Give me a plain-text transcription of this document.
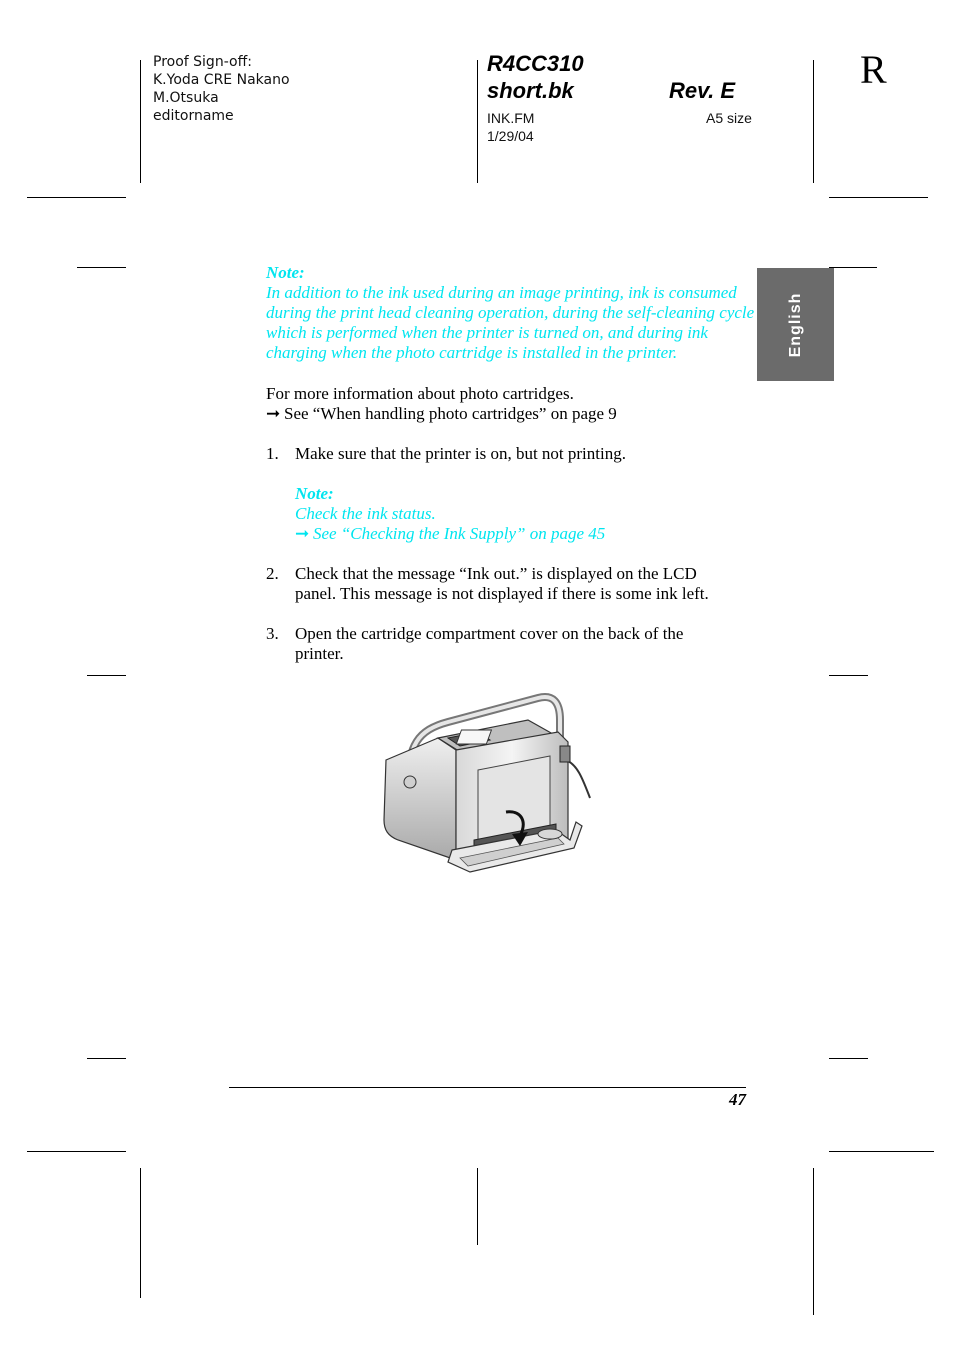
Proof Sign-off:
K.Yoda CRE Nakano
M.Otsuka
editorname
R4CC310
short.bk	Rev. E
INK.FM
1/29/04
A5 size
R
English
Note:
In addition to the ink used during an image printing, ink is consumed
during the print head cleaning operation, during the self-cleaning cycle
which is performed when the printer is turned on, and during ink
charging when the photo cartridge is installed in the printer.
For more information about photo cartridges.
➞ See “When handling photo cartridges” on page 9
1. Make sure that the printer is on, but not printing.
Note:
Check the ink status.
➞ See “Checking the Ink Supply” on page 45
2. Check that the message “Ink out.” is displayed on the LCD
panel. This message is not displayed if there is some ink left.
3. Open the cartridge compartment cover on the back of the
printer.
47
